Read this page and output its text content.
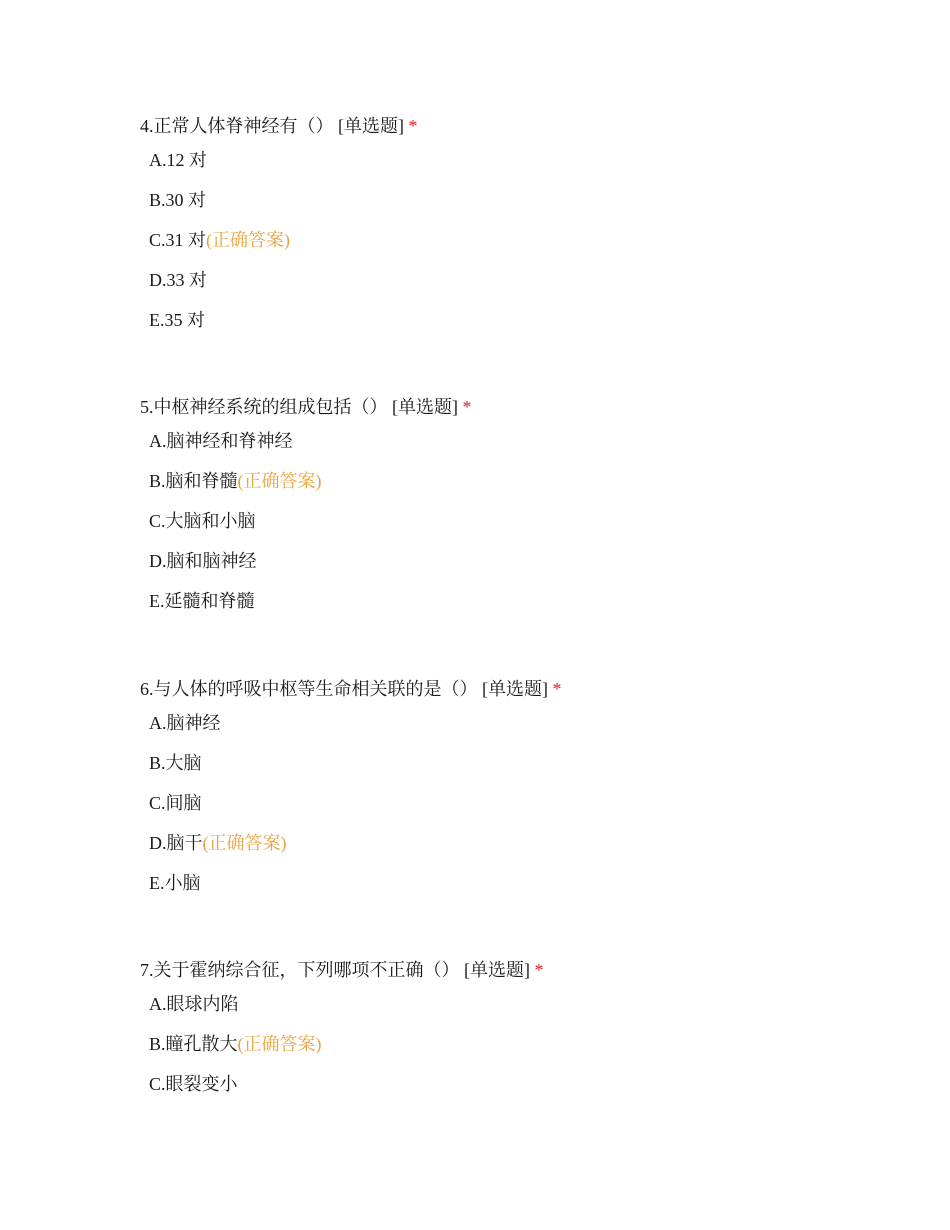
4.正常人体脊神经有（） [单选题] *
A.12 对
B.30 对
C.31 对(正确答案)
D.33 对
E.35 对
5.中枢神经系统的组成包括（） [单选题] *
A.脑神经和脊神经
B.脑和脊髓(正确答案)
C.大脑和小脑
D.脑和脑神经
E.延髓和脊髓
6.与人体的呼吸中枢等生命相关联的是（） [单选题] *
A.脑神经
B.大脑
C.间脑
D.脑干(正确答案)
E.小脑
7.关于霍纳综合征，下列哪项不正确（） [单选题] *
A.眼球内陷
B.瞳孔散大(正确答案)
C.眼裂变小
